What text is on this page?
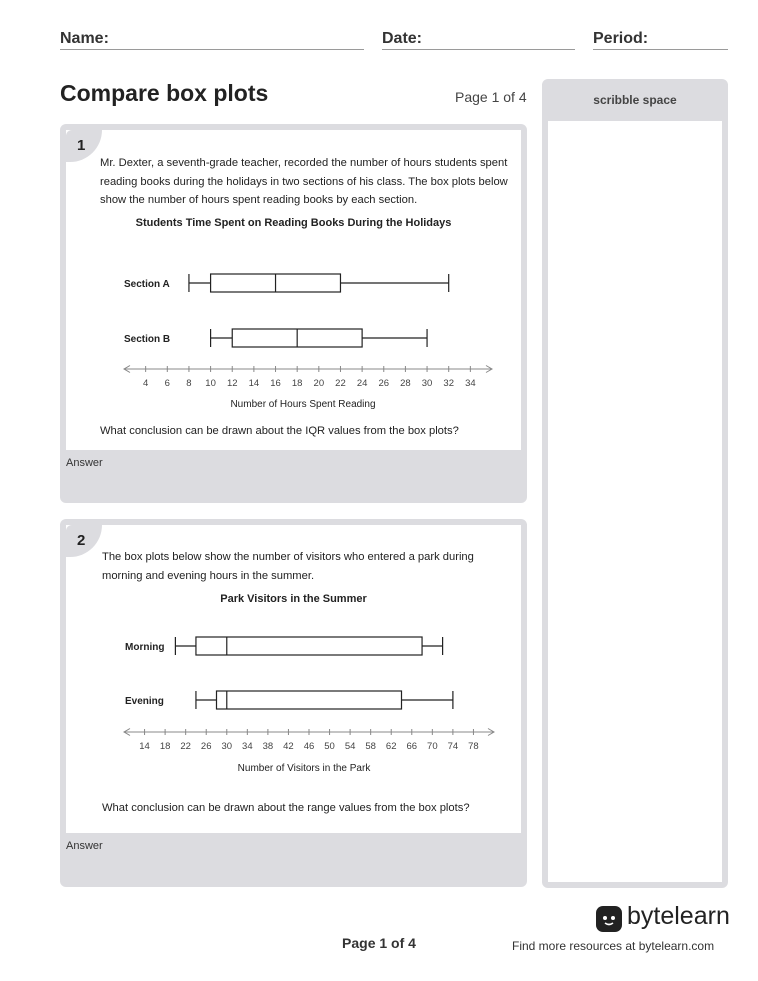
Name:	Date:	Period:
Compare box plots	Page 1 of 4	scribble space
1
Mr. Dexter, a seventh-grade teacher, recorded the number of hours students spent
reading books during the holidays in two sections of his class. The box plots below
show the number of hours spent reading books by each section.
Students Time Spent on Reading Books During the Holidays
Section A
Section B
4 6 8 10 12 14 16 18 20 22 24 26 28 30 32 34
Number of Hours Spent Reading
What conclusion can be drawn about the IQR values from the box plots?
Answer
2
The box plots below show the number of visitors who entered a park during
morning and evening hours in the summer.
Park Visitors in the Summer
Morning
Evening
14 18 22 26 30 34 38 42 46 50 54 58 62 66 70 74 78
Number of Visitors in the Park
What conclusion can be drawn about the range values from the box plots?
Answer
Page 1 of 4
bytelearn
Find more resources at bytelearn.com
